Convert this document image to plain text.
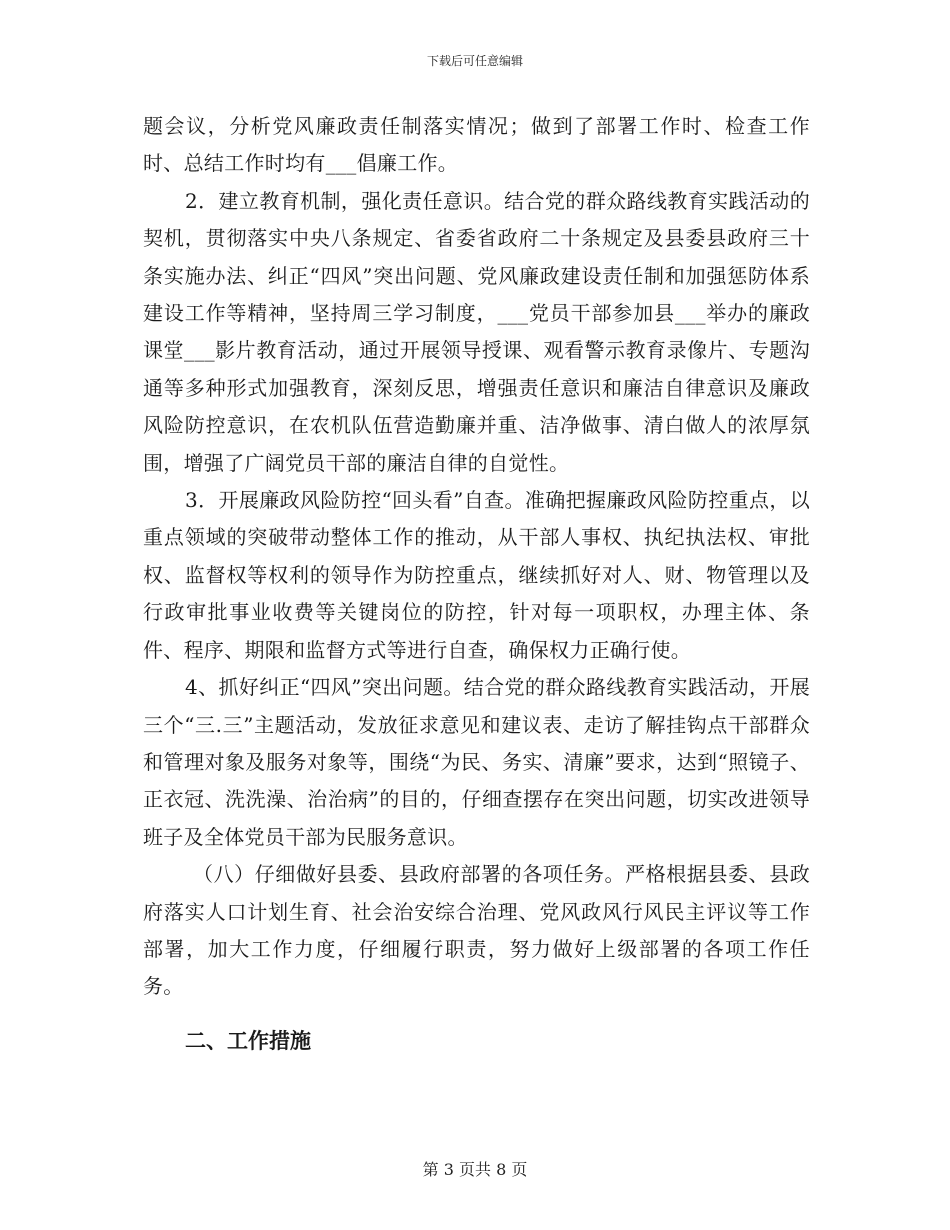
下载后可任意编辑

题会议，分析党风廉政责任制落实情况；做到了部署工作时、检查工作时、总结工作时均有___倡廉工作。

2．建立教育机制，强化责任意识。结合党的群众路线教育实践活动的契机，贯彻落实中央八条规定、省委省政府二十条规定及县委县政府三十条实施办法、纠正“四风”突出问题、党风廉政建设责任制和加强惩防体系建设工作等精神，坚持周三学习制度，___党员干部参加县___举办的廉政课堂___影片教育活动，通过开展领导授课、观看警示教育录像片、专题沟通等多种形式加强教育，深刻反思，增强责任意识和廉洁自律意识及廉政风险防控意识，在农机队伍营造勤廉并重、洁净做事、清白做人的浓厚氛围，增强了广阔党员干部的廉洁自律的自觉性。

3．开展廉政风险防控“回头看”自查。准确把握廉政风险防控重点，以重点领域的突破带动整体工作的推动，从干部人事权、执纪执法权、审批权、监督权等权利的领导作为防控重点，继续抓好对人、财、物管理以及行政审批事业收费等关键岗位的防控，针对每一项职权，办理主体、条件、程序、期限和监督方式等进行自查，确保权力正确行使。

4、抓好纠正“四风”突出问题。结合党的群众路线教育实践活动，开展三个“三.三”主题活动，发放征求意见和建议表、走访了解挂钩点干部群众和管理对象及服务对象等，围绕“为民、务实、清廉”要求，达到“照镜子、正衣冠、洗洗澡、治治病”的目的，仔细查摆存在突出问题，切实改进领导班子及全体党员干部为民服务意识。

（八）仔细做好县委、县政府部署的各项任务。严格根据县委、县政府落实人口计划生育、社会治安综合治理、党风政风行风民主评议等工作部署，加大工作力度，仔细履行职责，努力做好上级部署的各项工作任务。

二、工作措施
第 3 页共 8 页
